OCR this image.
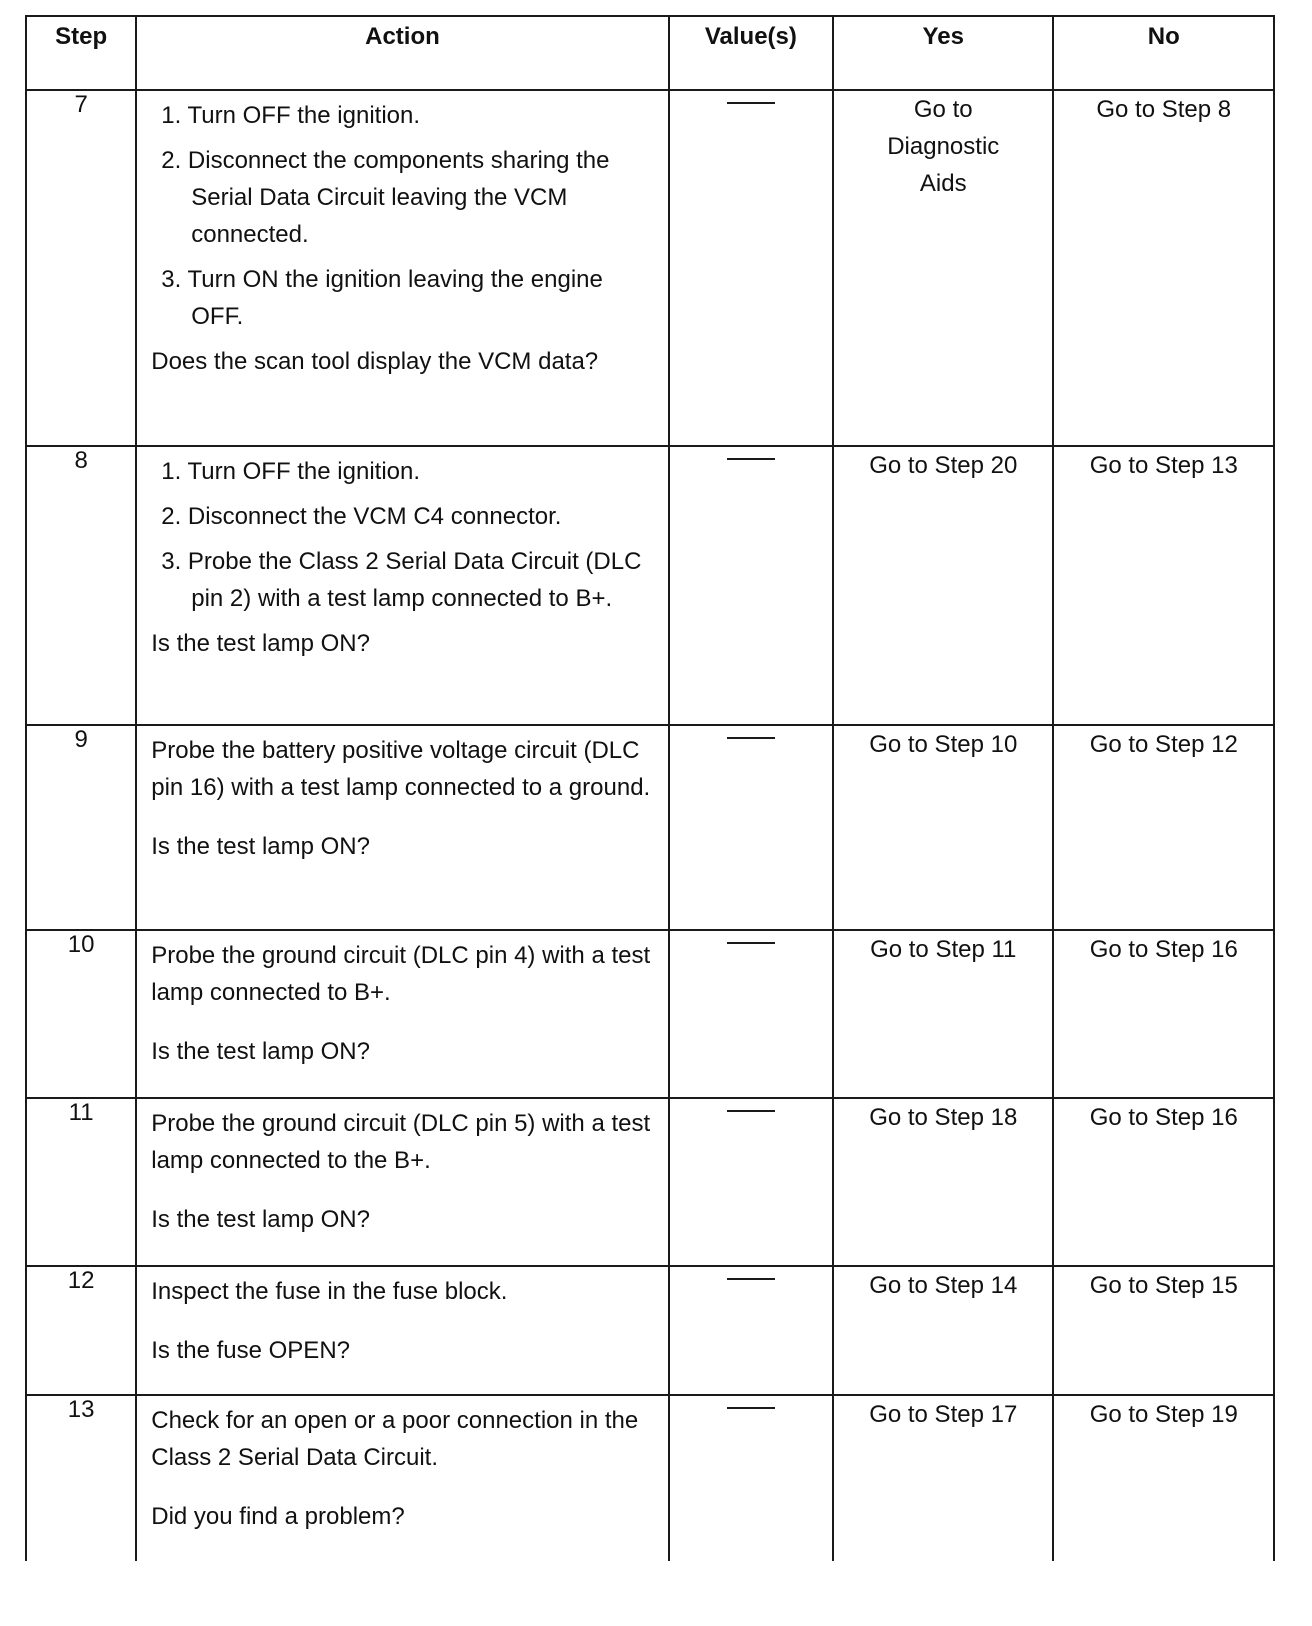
Step	Action	Value(s)	Yes	No
7	1. Turn OFF the ignition.
2. Disconnect the components sharing the Serial Data Circuit leaving the VCM connected.
3. Turn ON the ignition leaving the engine OFF.
Does the scan tool display the VCM data?		Go to Diagnostic Aids	Go to Step 8
8	1. Turn OFF the ignition.
2. Disconnect the VCM C4 connector.
3. Probe the Class 2 Serial Data Circuit (DLC pin 2) with a test lamp connected to B+.
Is the test lamp ON?		Go to Step 20	Go to Step 13
9	Probe the battery positive voltage circuit (DLC pin 16) with a test lamp connected to a ground.
Is the test lamp ON?		Go to Step 10	Go to Step 12
10	Probe the ground circuit (DLC pin 4) with a test lamp connected to B+.
Is the test lamp ON?		Go to Step 11	Go to Step 16
11	Probe the ground circuit (DLC pin 5) with a test lamp connected to the B+.
Is the test lamp ON?		Go to Step 18	Go to Step 16
12	Inspect the fuse in the fuse block.
Is the fuse OPEN?		Go to Step 14	Go to Step 15
13	Check for an open or a poor connection in the Class 2 Serial Data Circuit.
Did you find a problem?		Go to Step 17	Go to Step 19
